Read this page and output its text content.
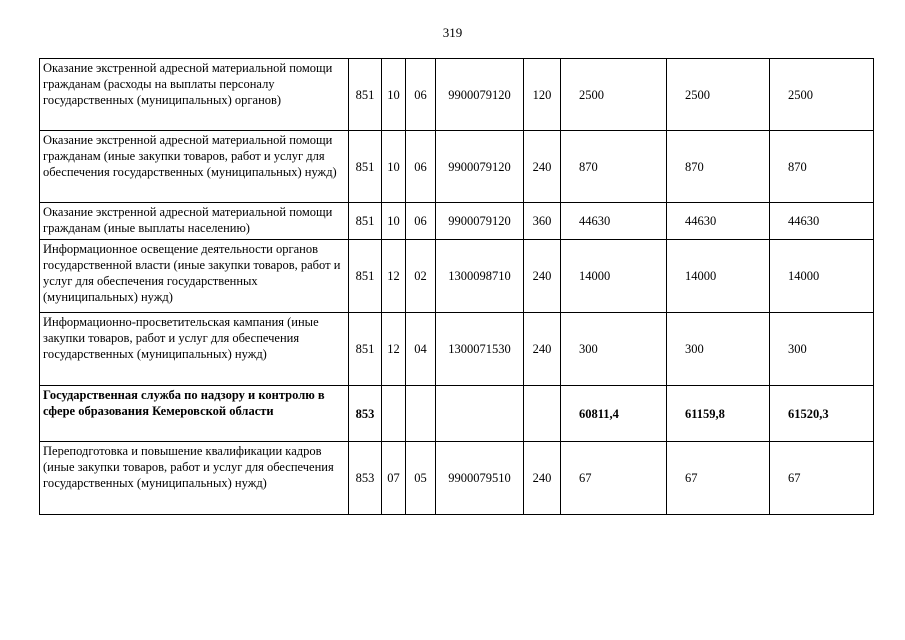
319
Оказание экстренной адресной материальной помощи гражданам (расходы на выплаты персоналу государственных (муниципальных) органов)	851	10	06	9900079120	120	2500	2500	2500
Оказание экстренной адресной материальной помощи гражданам (иные закупки товаров, работ и услуг для обеспечения государственных (муниципальных) нужд)	851	10	06	9900079120	240	870	870	870
Оказание экстренной адресной материальной помощи гражданам (иные выплаты населению)	851	10	06	9900079120	360	44630	44630	44630
Информационное освещение деятельности органов государственной власти (иные закупки товаров, работ и услуг для обеспечения государственных (муниципальных) нужд)	851	12	02	1300098710	240	14000	14000	14000
Информационно-просветительская кампания (иные закупки товаров, работ и услуг для обеспечения государственных (муниципальных) нужд)	851	12	04	1300071530	240	300	300	300
Государственная служба по надзору и контролю в сфере образования Кемеровской области	853					60811,4	61159,8	61520,3
Переподготовка и повышение квалификации кадров (иные закупки товаров, работ и услуг для обеспечения государственных (муниципальных) нужд)	853	07	05	9900079510	240	67	67	67
